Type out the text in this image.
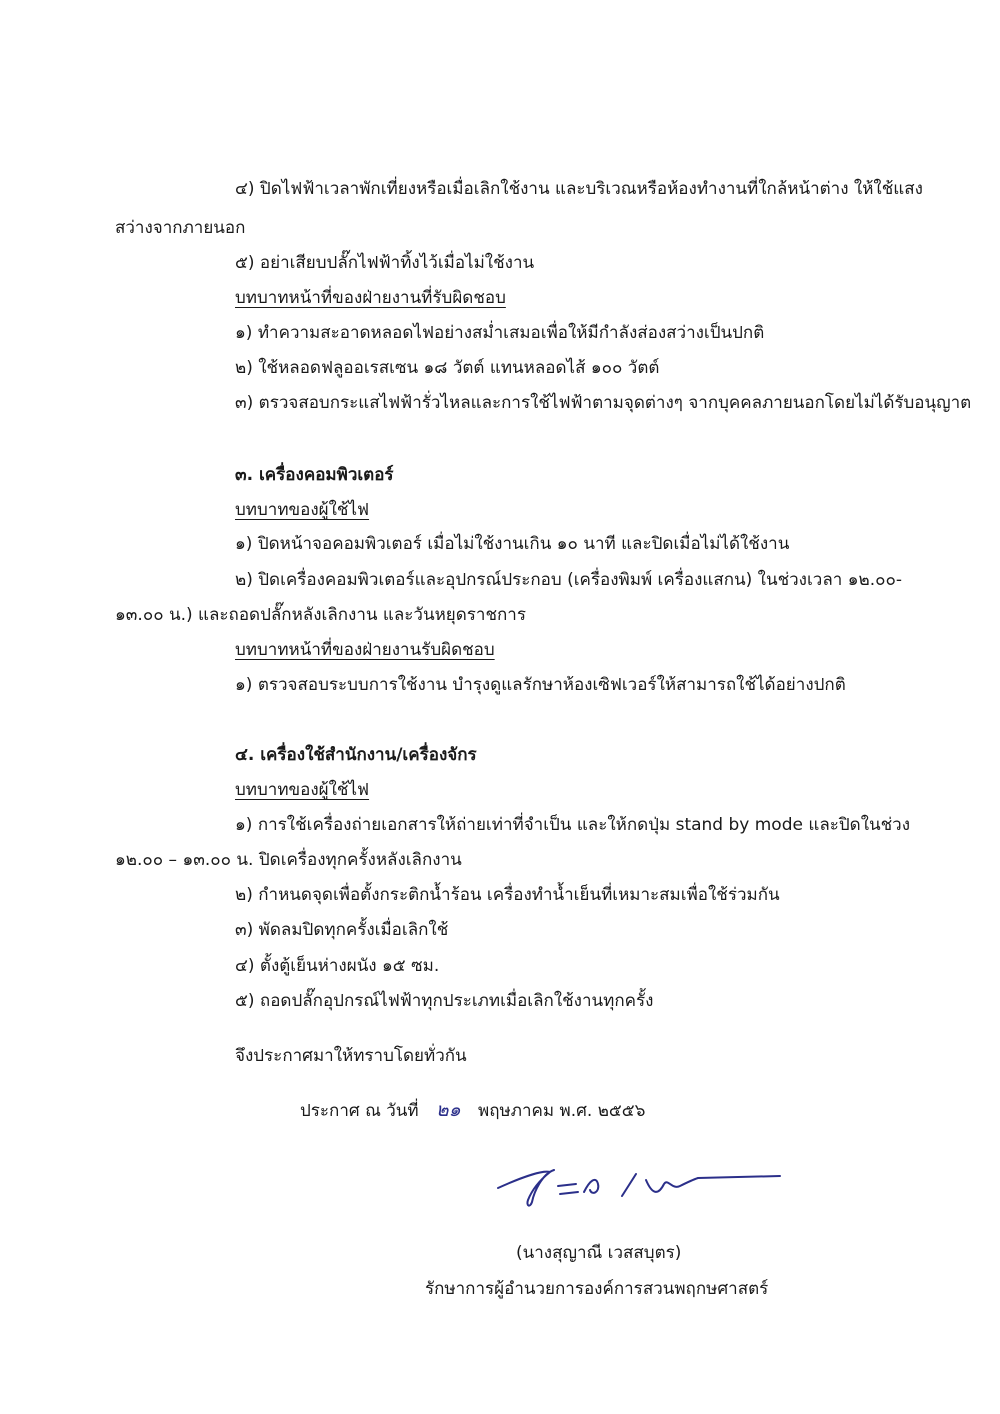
๔) ปิดไฟฟ้าเวลาพักเที่ยงหรือเมื่อเลิกใช้งาน และบริเวณหรือห้องทำงานที่ใกล้หน้าต่าง ให้ใช้แสง
สว่างจากภายนอก
๕) อย่าเสียบปลั๊กไฟฟ้าทิ้งไว้เมื่อไม่ใช้งาน
บทบาทหน้าที่ของฝ่ายงานที่รับผิดชอบ
๑) ทำความสะอาดหลอดไฟอย่างสม่ำเสมอเพื่อให้มีกำลังส่องสว่างเป็นปกติ
๒) ใช้หลอดฟลูออเรสเซน ๑๘ วัตต์ แทนหลอดไส้ ๑๐๐ วัตต์
๓) ตรวจสอบกระแสไฟฟ้ารั่วไหลและการใช้ไฟฟ้าตามจุดต่างๆ จากบุคคลภายนอกโดยไม่ได้รับอนุญาต
๓. เครื่องคอมพิวเตอร์
บทบาทของผู้ใช้ไฟ
๑) ปิดหน้าจอคอมพิวเตอร์ เมื่อไม่ใช้งานเกิน ๑๐ นาที และปิดเมื่อไม่ได้ใช้งาน
๒) ปิดเครื่องคอมพิวเตอร์และอุปกรณ์ประกอบ (เครื่องพิมพ์ เครื่องแสกน) ในช่วงเวลา ๑๒.๐๐-
๑๓.๐๐ น.) และถอดปลั๊กหลังเลิกงาน และวันหยุดราชการ
บทบาทหน้าที่ของฝ่ายงานรับผิดชอบ
๑) ตรวจสอบระบบการใช้งาน บำรุงดูแลรักษาห้องเซิฟเวอร์ให้สามารถใช้ได้อย่างปกติ
๔. เครื่องใช้สำนักงาน/เครื่องจักร
บทบาทของผู้ใช้ไฟ
๑) การใช้เครื่องถ่ายเอกสารให้ถ่ายเท่าที่จำเป็น และให้กดปุ่ม stand by mode และปิดในช่วง
๑๒.๐๐ – ๑๓.๐๐ น. ปิดเครื่องทุกครั้งหลังเลิกงาน
๒) กำหนดจุดเพื่อตั้งกระติกน้ำร้อน เครื่องทำน้ำเย็นที่เหมาะสมเพื่อใช้ร่วมกัน
๓) พัดลมปิดทุกครั้งเมื่อเลิกใช้
๔) ตั้งตู้เย็นห่างผนัง ๑๕ ซม.
๕) ถอดปลั๊กอุปกรณ์ไฟฟ้าทุกประเภทเมื่อเลิกใช้งานทุกครั้ง
จึงประกาศมาให้ทราบโดยทั่วกัน
ประกาศ ณ วันที่ ๒๑ พฤษภาคม พ.ศ. ๒๕๕๖
(นางสุญาณี เวสสบุตร)
รักษาการผู้อำนวยการองค์การสวนพฤกษศาสตร์
